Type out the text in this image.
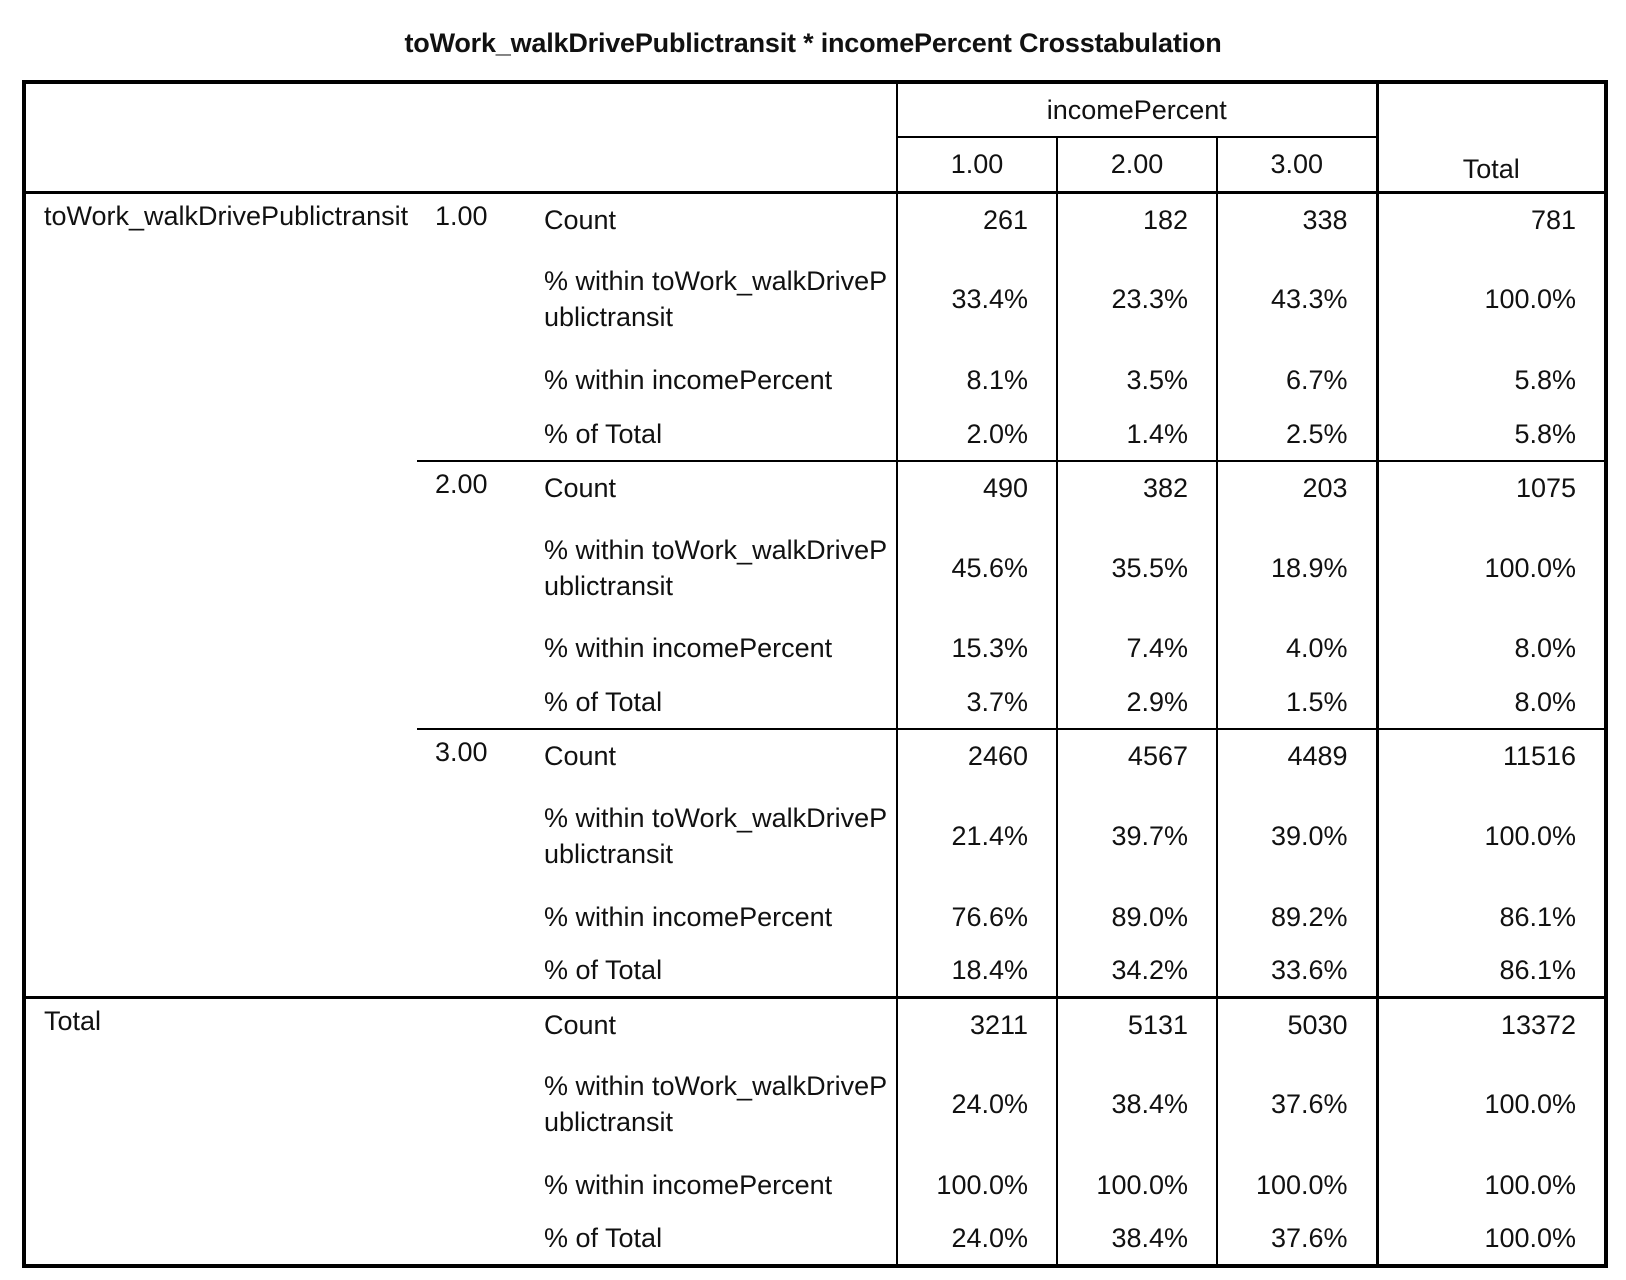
toWork_walkDrivePublictransit * incomePercent Crosstabulation
			incomePercent			Total
			1.00	2.00	3.00	
toWork_walkDrivePublictransit	1.00	Count	261	182	338	781
		% within toWork_walkDrivePublictransit	33.4%	23.3%	43.3%	100.0%
		% within incomePercent	8.1%	3.5%	6.7%	5.8%
		% of Total	2.0%	1.4%	2.5%	5.8%
	2.00	Count	490	382	203	1075
		% within toWork_walkDrivePublictransit	45.6%	35.5%	18.9%	100.0%
		% within incomePercent	15.3%	7.4%	4.0%	8.0%
		% of Total	3.7%	2.9%	1.5%	8.0%
	3.00	Count	2460	4567	4489	11516
		% within toWork_walkDrivePublictransit	21.4%	39.7%	39.0%	100.0%
		% within incomePercent	76.6%	89.0%	89.2%	86.1%
		% of Total	18.4%	34.2%	33.6%	86.1%
Total		Count	3211	5131	5030	13372
		% within toWork_walkDrivePublictransit	24.0%	38.4%	37.6%	100.0%
		% within incomePercent	100.0%	100.0%	100.0%	100.0%
		% of Total	24.0%	38.4%	37.6%	100.0%
